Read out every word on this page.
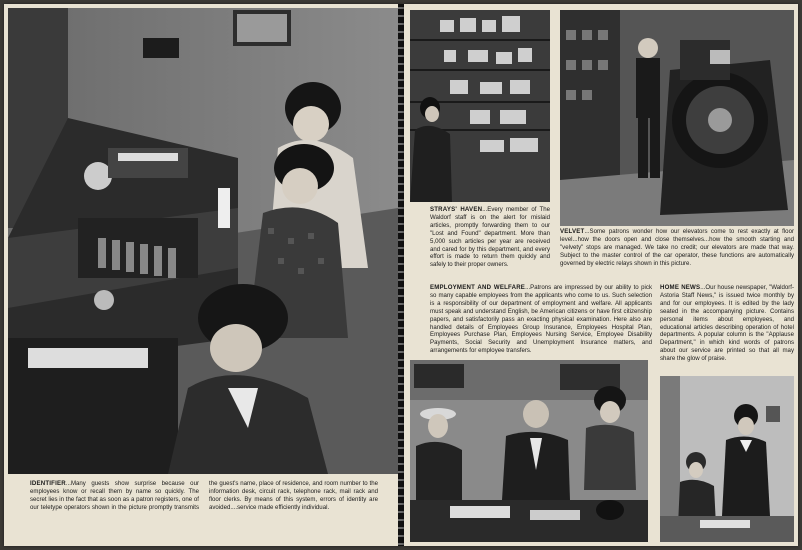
IDENTIFIER...Many guests show surprise because our employees know or recall them by name so quickly. The secret lies in the fact that as soon as a patron registers, one of our teletype operators shown in the picture promptly transmits the guest's name, place of residence, and room number to the information desk, circuit rack, telephone rack, mail rack and floor clerks. By means of this system, errors of identity are avoided....service made efficiently individual.
STRAYS' HAVEN...Every member of The Waldorf staff is on the alert for mislaid articles, promptly forwarding them to our "Lost and Found" department. More than 5,000 such articles per year are received and cared for by this department, and every effort is made to return them quickly and safely to their proper owners.
VELVET...Some patrons wonder how our elevators come to rest exactly at floor level...how the doors open and close themselves...how the smooth starting and "velvety" stops are managed. We take no credit; our elevators are made that way. Subject to the master control of the car operator, these functions are automatically governed by electric relays shown in this picture.
EMPLOYMENT AND WELFARE...Patrons are impressed by our ability to pick so many capable employees from the applicants who come to us. Such selection is a responsibility of our department of employment and welfare. All applicants must speak and understand English, be American citizens or have first citizenship papers, and satisfactorily pass an exacting physical examination. Here also are handled details of Employees Group Insurance, Employees Hospital Plan, Employees Purchase Plan, Employees Nursing Service, Employee Disability Payments, Social Security and Unemployment Insurance matters, and arrangements for employee transfers.
HOME NEWS...Our house newspaper, "Waldorf-Astoria Staff News," is issued twice monthly by and for our employees. It is edited by the lady seated in the accompanying picture. Contains personal items about employees, and educational articles describing operation of hotel departments. A popular column is the "Applause Department," in which kind words of patrons about our service are printed so that all may share the glow of praise.
